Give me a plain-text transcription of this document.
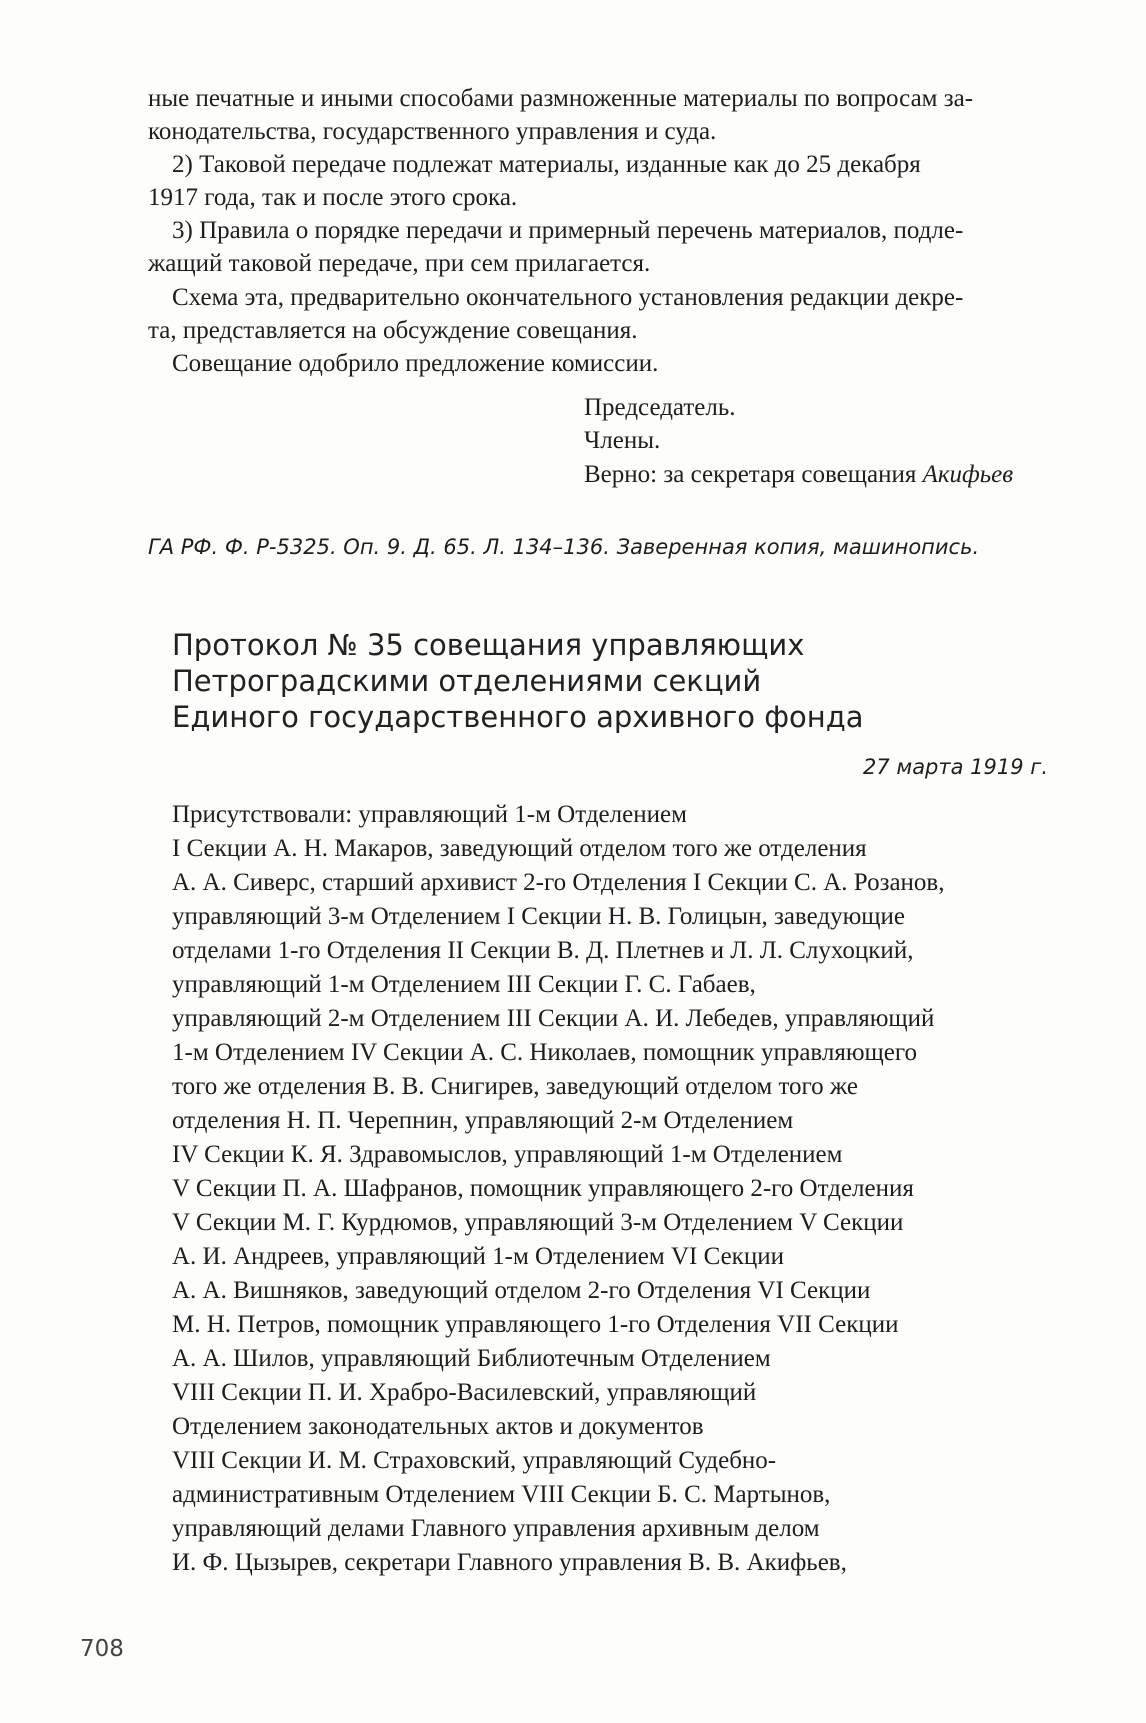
ные печатные и иными способами размноженные материалы по вопросам за-
конодательства, государственного управления и суда.
2) Таковой передаче подлежат материалы, изданные как до 25 декабря
1917 года, так и после этого срока.
3) Правила о порядке передачи и примерный перечень материалов, подле-
жащий таковой передаче, при сем прилагается.
Схема эта, предварительно окончательного установления редакции декре-
та, представляется на обсуждение совещания.
Совещание одобрило предложение комиссии.
Председатель.
Члены.
Верно: за секретаря совещания Акифьев
ГА РФ. Ф. Р-5325. Оп. 9. Д. 65. Л. 134–136. Заверенная копия, машинопись.
Протокол № 35 совещания управляющих
Петроградскими отделениями секций
Единого государственного архивного фонда
27 марта 1919 г.
Присутствовали: управляющий 1-м Отделением
I Секции А. Н. Макаров, заведующий отделом того же отделения
А. А. Сиверс, старший архивист 2-го Отделения I Секции С. А. Розанов,
управляющий 3-м Отделением I Секции Н. В. Голицын, заведующие
отделами 1-го Отделения II Секции В. Д. Плетнев и Л. Л. Слухоцкий,
управляющий 1-м Отделением III Секции Г. С. Габаев,
управляющий 2-м Отделением III Секции А. И. Лебедев, управляющий
1-м Отделением IV Секции А. С. Николаев, помощник управляющего
того же отделения В. В. Снигирев, заведующий отделом того же
отделения Н. П. Черепнин, управляющий 2-м Отделением
IV Секции К. Я. Здравомыслов, управляющий 1-м Отделением
V Секции П. А. Шафранов, помощник управляющего 2-го Отделения
V Секции М. Г. Курдюмов, управляющий 3-м Отделением V Секции
А. И. Андреев, управляющий 1-м Отделением VI Секции
А. А. Вишняков, заведующий отделом 2-го Отделения VI Секции
М. Н. Петров, помощник управляющего 1-го Отделения VII Секции
А. А. Шилов, управляющий Библиотечным Отделением
VIII Секции П. И. Храбро-Василевский, управляющий
Отделением законодательных актов и документов
VIII Секции И. М. Страховский, управляющий Судебно-
административным Отделением VIII Секции Б. С. Мартынов,
управляющий делами Главного управления архивным делом
И. Ф. Цызырев, секретари Главного управления В. В. Акифьев,
708
